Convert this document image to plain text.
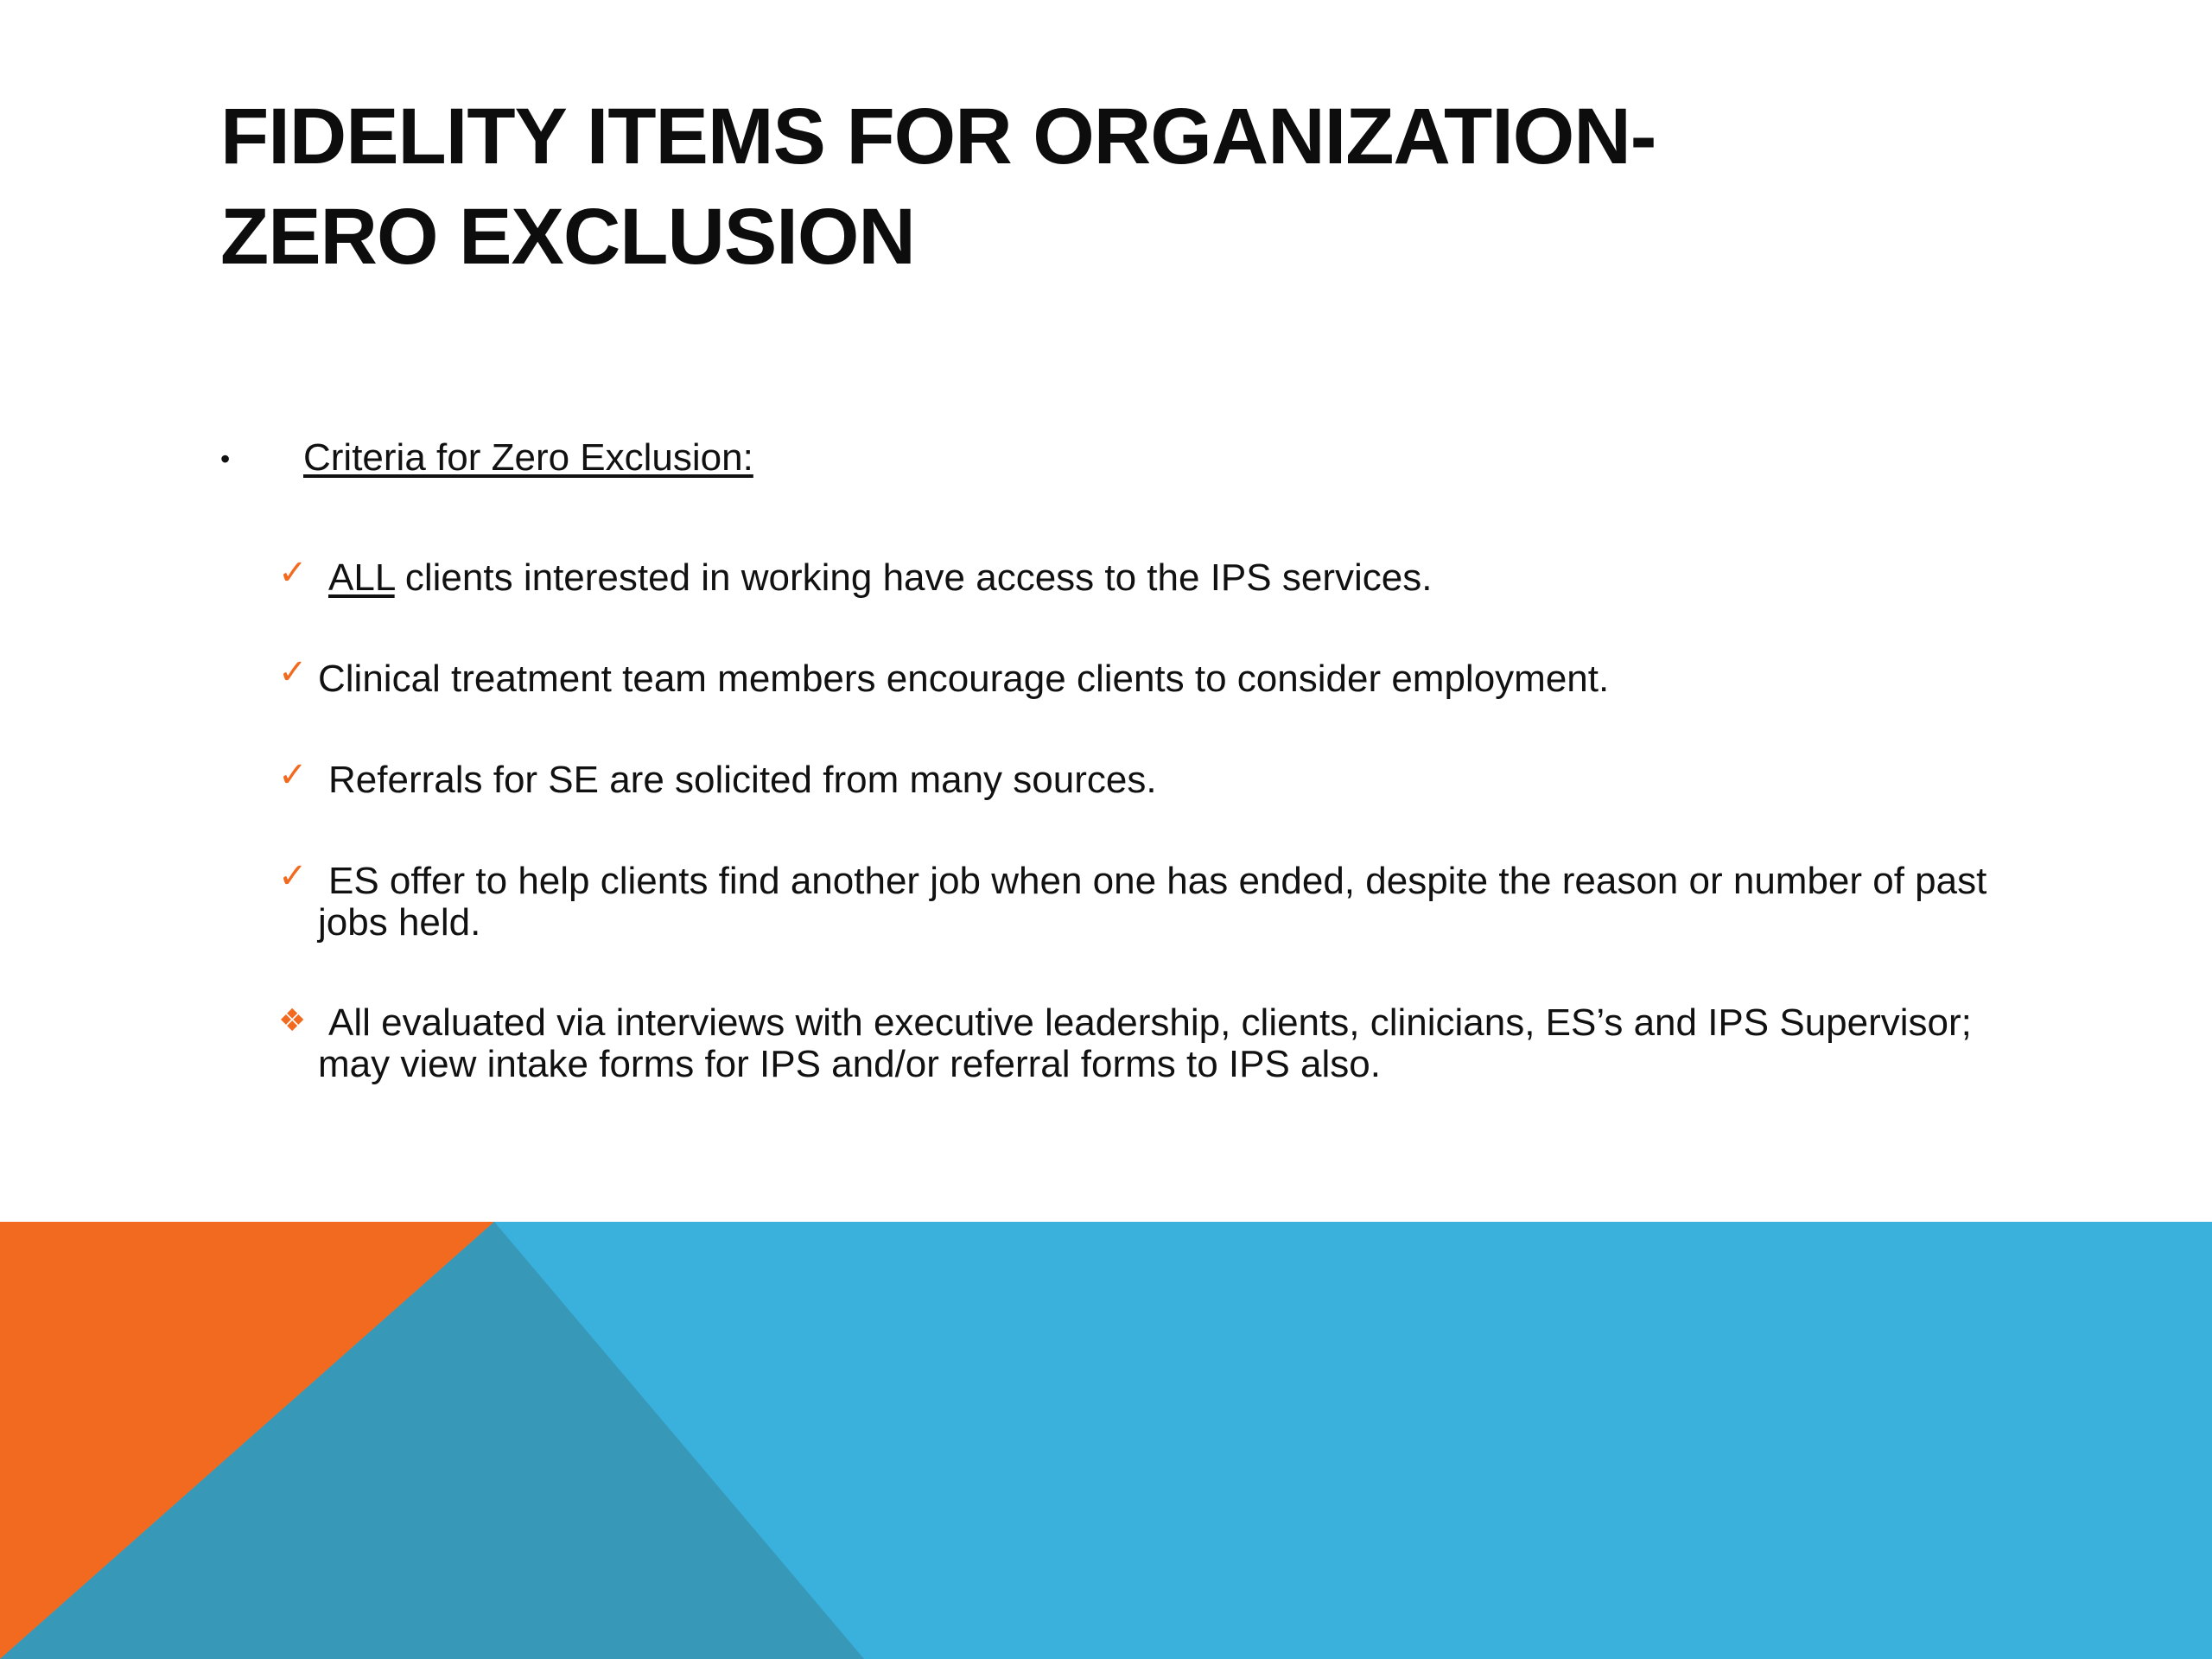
FIDELITY ITEMS FOR ORGANIZATION-
ZERO EXCLUSION
• Criteria for Zero Exclusion:
✓ ALL clients interested in working have access to the IPS services.
✓ Clinical treatment team members encourage clients to consider employment.
✓ Referrals for SE are solicited from many sources.
✓ ES offer to help clients find another job when one has ended, despite the reason or number of past jobs held.
❖ All evaluated via interviews with executive leadership, clients, clinicians, ES’s and IPS Supervisor; may view intake forms for IPS and/or referral forms to IPS also.
